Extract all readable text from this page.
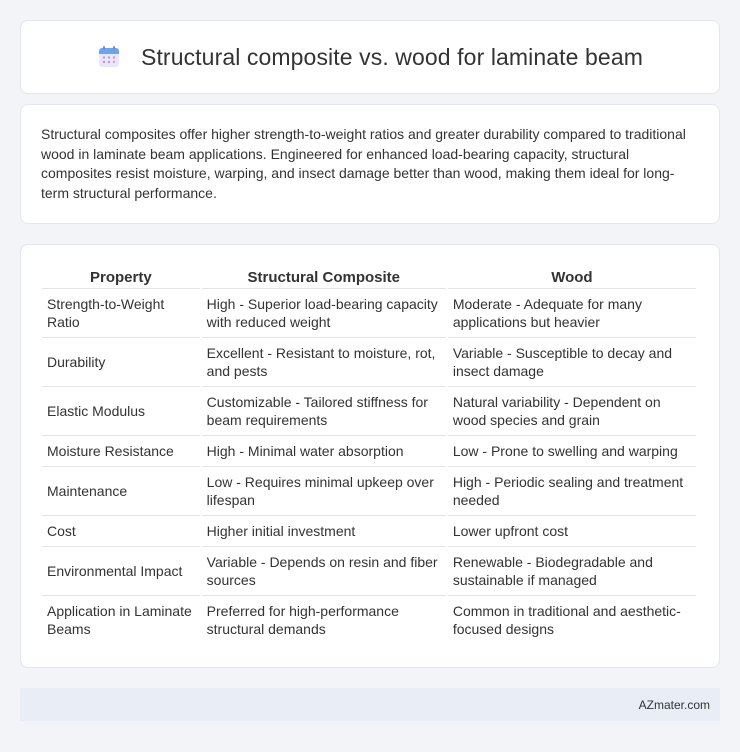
Structural composite vs. wood for laminate beam

Structural composites offer higher strength-to-weight ratios and greater durability compared to traditional wood in laminate beam applications. Engineered for enhanced load-bearing capacity, structural composites resist moisture, warping, and insect damage better than wood, making them ideal for long-term structural performance.

Property	Structural Composite	Wood
Strength-to-Weight Ratio	High - Superior load-bearing capacity with reduced weight	Moderate - Adequate for many applications but heavier
Durability	Excellent - Resistant to moisture, rot, and pests	Variable - Susceptible to decay and insect damage
Elastic Modulus	Customizable - Tailored stiffness for beam requirements	Natural variability - Dependent on wood species and grain
Moisture Resistance	High - Minimal water absorption	Low - Prone to swelling and warping
Maintenance	Low - Requires minimal upkeep over lifespan	High - Periodic sealing and treatment needed
Cost	Higher initial investment	Lower upfront cost
Environmental Impact	Variable - Depends on resin and fiber sources	Renewable - Biodegradable and sustainable if managed
Application in Laminate Beams	Preferred for high-performance structural demands	Common in traditional and aesthetic-focused designs
AZmater.com
